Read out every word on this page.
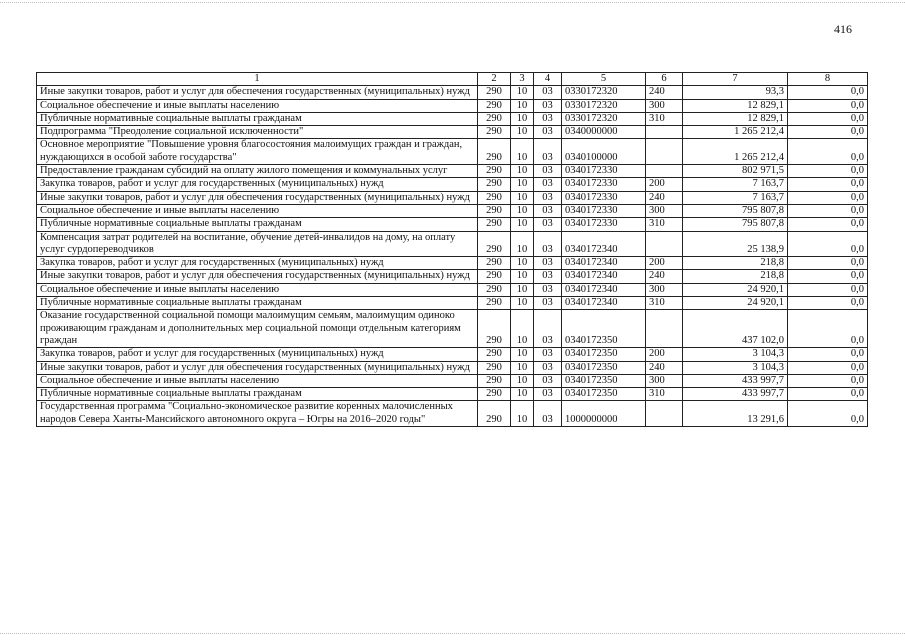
416
1	2	3	4	5	6	7	8
Иные закупки товаров, работ и услуг для обеспечения государственных (муниципальных) нужд	290	10	03	0330172320	240	93,3	0,0
Социальное обеспечение и иные выплаты населению	290	10	03	0330172320	300	12 829,1	0,0
Публичные нормативные социальные выплаты гражданам	290	10	03	0330172320	310	12 829,1	0,0
Подпрограмма "Преодоление социальной исключенности"	290	10	03	0340000000		1 265 212,4	0,0
Основное мероприятие "Повышение уровня благосостояния малоимущих граждан и граждан, нуждающихся в особой заботе государства"	290	10	03	0340100000		1 265 212,4	0,0
Предоставление гражданам субсидий на оплату жилого помещения и коммунальных услуг	290	10	03	0340172330		802 971,5	0,0
Закупка товаров, работ и услуг для государственных (муниципальных) нужд	290	10	03	0340172330	200	7 163,7	0,0
Иные закупки товаров, работ и услуг для обеспечения государственных (муниципальных) нужд	290	10	03	0340172330	240	7 163,7	0,0
Социальное обеспечение и иные выплаты населению	290	10	03	0340172330	300	795 807,8	0,0
Публичные нормативные социальные выплаты гражданам	290	10	03	0340172330	310	795 807,8	0,0
Компенсация затрат родителей на воспитание, обучение детей-инвалидов на дому, на оплату услуг сурдопереводчиков	290	10	03	0340172340		25 138,9	0,0
Закупка товаров, работ и услуг для государственных (муниципальных) нужд	290	10	03	0340172340	200	218,8	0,0
Иные закупки товаров, работ и услуг для обеспечения государственных (муниципальных) нужд	290	10	03	0340172340	240	218,8	0,0
Социальное обеспечение и иные выплаты населению	290	10	03	0340172340	300	24 920,1	0,0
Публичные нормативные социальные выплаты гражданам	290	10	03	0340172340	310	24 920,1	0,0
Оказание государственной социальной помощи малоимущим семьям, малоимущим одиноко проживающим гражданам и дополнительных мер социальной помощи отдельным категориям граждан	290	10	03	0340172350		437 102,0	0,0
Закупка товаров, работ и услуг для государственных (муниципальных) нужд	290	10	03	0340172350	200	3 104,3	0,0
Иные закупки товаров, работ и услуг для обеспечения государственных (муниципальных) нужд	290	10	03	0340172350	240	3 104,3	0,0
Социальное обеспечение и иные выплаты населению	290	10	03	0340172350	300	433 997,7	0,0
Публичные нормативные социальные выплаты гражданам	290	10	03	0340172350	310	433 997,7	0,0
Государственная программа "Социально-экономическое развитие коренных малочисленных народов Севера Ханты-Мансийского автономного округа – Югры на 2016–2020 годы"	290	10	03	1000000000		13 291,6	0,0
